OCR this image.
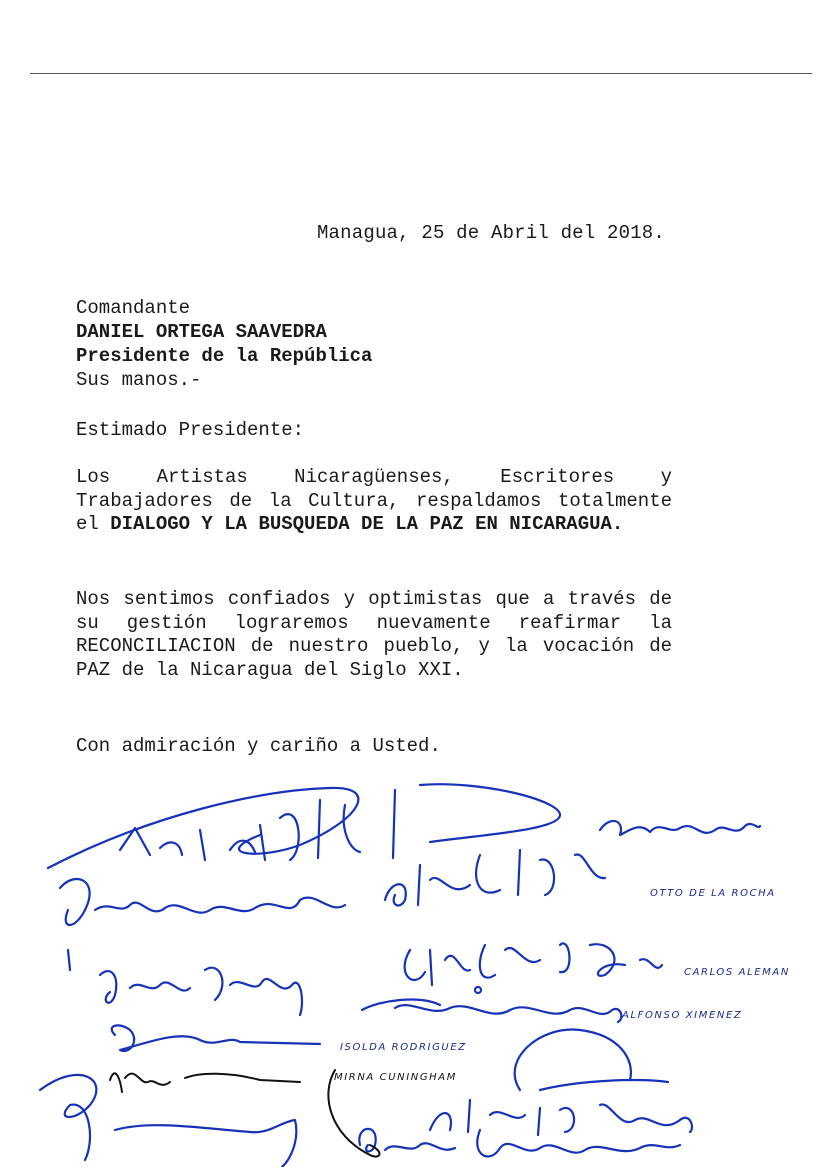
Managua, 25 de Abril del 2018.
Comandante
DANIEL ORTEGA SAAVEDRA
Presidente de la República
Sus manos.-
Estimado Presidente:
Los Artistas Nicaragüenses, Escritores y Trabajadores de la Cultura, respaldamos totalmente el DIALOGO Y LA BUSQUEDA DE LA PAZ EN NICARAGUA.
Nos sentimos confiados y optimistas que a través de su gestión lograremos nuevamente reafirmar la RECONCILIACION de nuestro pueblo, y la vocación de PAZ de la Nicaragua del Siglo XXI.
Con admiración y cariño a Usted.
OTTO DE LA ROCHA
CARLOS ALEMAN
ALFONSO XIMENEZ
ISOLDA RODRIGUEZ
MIRNA CUNINGHAM
